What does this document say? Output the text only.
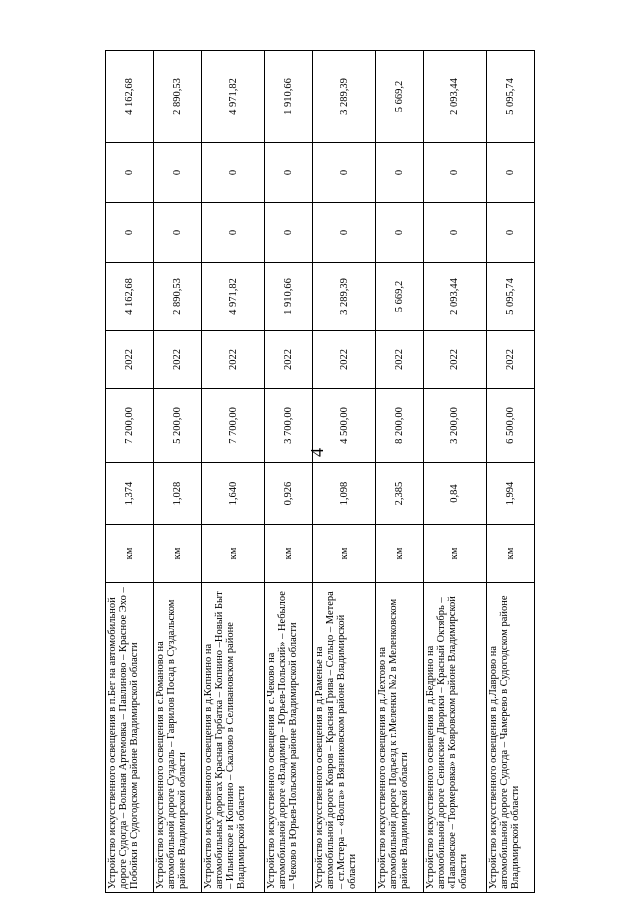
4
Устройство искусственного освещения в п.Бег на автомобильной дороге Судогда – Вольная Артемовка – Павлиново – Красное Эхо – Побойки в Судогодском районе Владимирской области	км	1,374	7 200,00	2022	4 162,68	0	0	4 162,68
Устройство искусственного освещения в с.Романово на автомобильной дороге Суздаль – Гаврилов Посад в Суздальском районе Владимирской области	км	1,028	5 200,00	2022	2 890,53	0	0	2 890,53
Устройство искусственного освещения в д.Копнино на автомобильных дорогах Красная Горбатка – Копнино –Новый Быт – Ильинское и Копнино – Скалово в Селивановском районе Владимирской области	км	1,640	7 700,00	2022	4 971,82	0	0	4 971,82
Устройство искусственного освещения в с.Чеково на автомобильной дороге «Владимир – Юрьев-Польский» – Небылое – Чеково в Юрьев-Польском районе Владимирской области	км	0,926	3 700,00	2022	1 910,66	0	0	1 910,66
Устройство искусственного освещения в д.Раменье на автомобильной дороге Ковров – Красная Грива – Сельцо – Метера – ст.Мстера – «Волга» в Вязниковском районе Владимирской области	км	1,098	4 500,00	2022	3 289,39	0	0	3 289,39
Устройство искусственного освещения в д.Лехтово на автомобильной дороге Подъезд к г.Меленки №2 в Меленковском районе Владимирской области	км	2,385	8 200,00	2022	5 669,2	0	0	5 669,2
Устройство искусственного освещения в д.Бедрино на автомобильной дороге Сенинские Дворики – Красный Октябрь – «Павловское – Тюрмеровка» в Ковровском районе Владимирской области	км	0,84	3 200,00	2022	2 093,44	0	0	2 093,44
Устройство искусственного освещения в д.Лаврово на автомобильной дороге Судогда – Чамерево в Судогодском районе Владимирской области	км	1,994	6 500,00	2022	5 095,74	0	0	5 095,74
